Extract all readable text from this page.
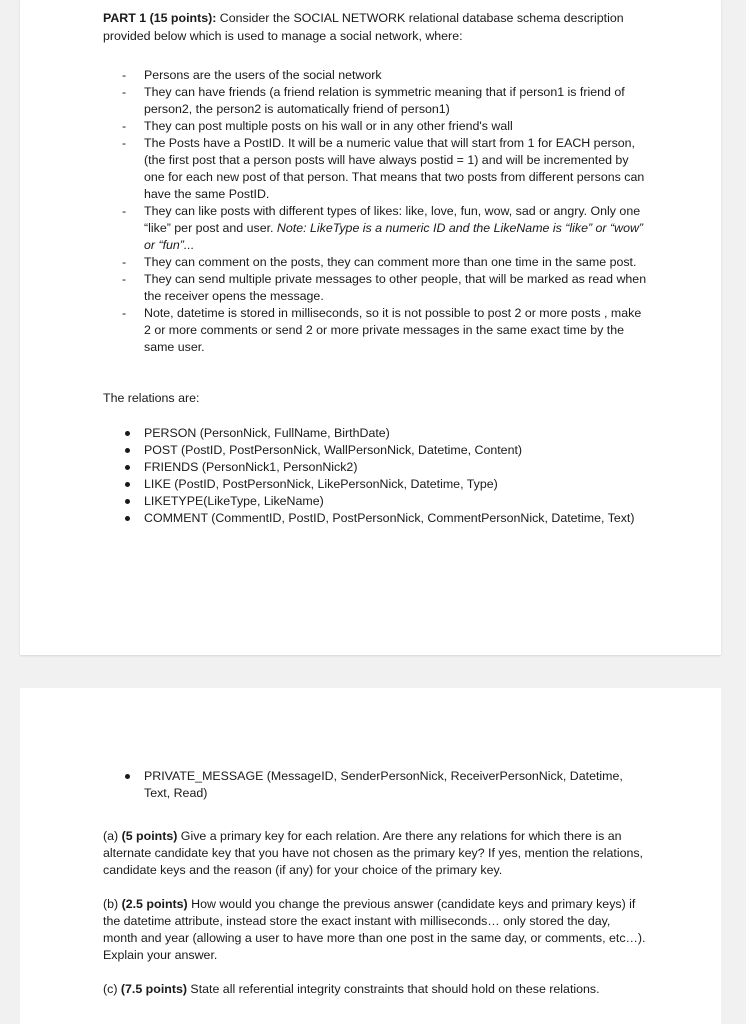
PART 1 (15 points): Consider the SOCIAL NETWORK relational database schema description provided below which is used to manage a social network, where:

- Persons are the users of the social network
- They can have friends (a friend relation is symmetric meaning that if person1 is friend of person2, the person2 is automatically friend of person1)
- They can post multiple posts on his wall or in any other friend's wall
- The Posts have a PostID. It will be a numeric value that will start from 1 for EACH person, (the first post that a person posts will have always postid = 1) and will be incremented by one for each new post of that person. That means that two posts from different persons can have the same PostID.
- They can like posts with different types of likes: like, love, fun, wow, sad or angry. Only one “like” per post and user. Note: LikeType is a numeric ID and the LikeName is “like” or “wow” or “fun”...
- They can comment on the posts, they can comment more than one time in the same post.
- They can send multiple private messages to other people, that will be marked as read when the receiver opens the message.
- Note, datetime is stored in milliseconds, so it is not possible to post 2 or more posts , make 2 or more comments or send 2 or more private messages in the same exact time by the same user.

The relations are:

PERSON (PersonNick, FullName, BirthDate)
POST (PostID, PostPersonNick, WallPersonNick, Datetime, Content)
FRIENDS (PersonNick1, PersonNick2)
LIKE (PostID, PostPersonNick, LikePersonNick, Datetime, Type)
LIKETYPE(LikeType, LikeName)
COMMENT (CommentID, PostID, PostPersonNick, CommentPersonNick, Datetime, Text)
PRIVATE_MESSAGE (MessageID, SenderPersonNick, ReceiverPersonNick, Datetime, Text, Read)

(a) (5 points) Give a primary key for each relation. Are there any relations for which there is an alternate candidate key that you have not chosen as the primary key? If yes, mention the relations, candidate keys and the reason (if any) for your choice of the primary key.

(b) (2.5 points) How would you change the previous answer (candidate keys and primary keys) if the datetime attribute, instead store the exact instant with milliseconds… only stored the day, month and year (allowing a user to have more than one post in the same day, or comments, etc…). Explain your answer.

(c) (7.5 points) State all referential integrity constraints that should hold on these relations.
